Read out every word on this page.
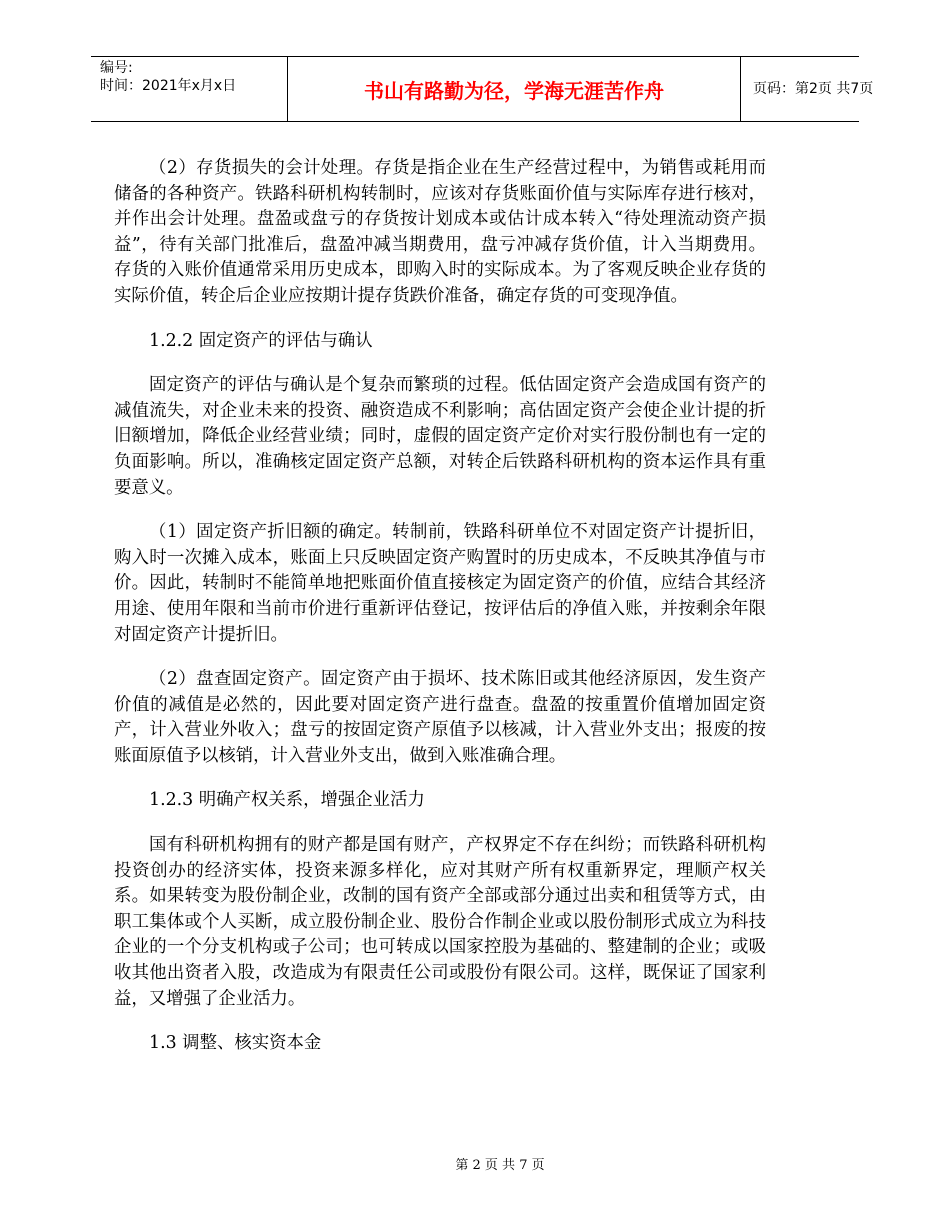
编号:
时间：2021年x月x日	书山有路勤为径，学海无涯苦作舟	页码：第2页 共7页

（2）存货损失的会计处理。存货是指企业在生产经营过程中，为销售或耗用而储备的各种资产。铁路科研机构转制时，应该对存货账面价值与实际库存进行核对，并作出会计处理。盘盈或盘亏的存货按计划成本或估计成本转入“待处理流动资产损益”，待有关部门批准后，盘盈冲减当期费用，盘亏冲减存货价值，计入当期费用。存货的入账价值通常采用历史成本，即购入时的实际成本。为了客观反映企业存货的实际价值，转企后企业应按期计提存货跌价准备，确定存货的可变现净值。

1.2.2 固定资产的评估与确认

固定资产的评估与确认是个复杂而繁琐的过程。低估固定资产会造成国有资产的减值流失，对企业未来的投资、融资造成不利影响；高估固定资产会使企业计提的折旧额增加，降低企业经营业绩；同时，虚假的固定资产定价对实行股份制也有一定的负面影响。所以，准确核定固定资产总额，对转企后铁路科研机构的资本运作具有重要意义。

（1）固定资产折旧额的确定。转制前，铁路科研单位不对固定资产计提折旧，购入时一次摊入成本，账面上只反映固定资产购置时的历史成本，不反映其净值与市价。因此，转制时不能简单地把账面价值直接核定为固定资产的价值，应结合其经济用途、使用年限和当前市价进行重新评估登记，按评估后的净值入账，并按剩余年限对固定资产计提折旧。

（2）盘查固定资产。固定资产由于损坏、技术陈旧或其他经济原因，发生资产价值的减值是必然的，因此要对固定资产进行盘查。盘盈的按重置价值增加固定资产，计入营业外收入；盘亏的按固定资产原值予以核减，计入营业外支出；报废的按账面原值予以核销，计入营业外支出，做到入账准确合理。

1.2.3 明确产权关系，增强企业活力

国有科研机构拥有的财产都是国有财产，产权界定不存在纠纷；而铁路科研机构投资创办的经济实体，投资来源多样化，应对其财产所有权重新界定，理顺产权关系。如果转变为股份制企业，改制的国有资产全部或部分通过出卖和租赁等方式，由职工集体或个人买断，成立股份制企业、股份合作制企业或以股份制形式成立为科技企业的一个分支机构或子公司；也可转成以国家控股为基础的、整建制的企业；或吸收其他出资者入股，改造成为有限责任公司或股份有限公司。这样，既保证了国家利益，又增强了企业活力。

1.3 调整、核实资本金

第 2 页 共 7 页
